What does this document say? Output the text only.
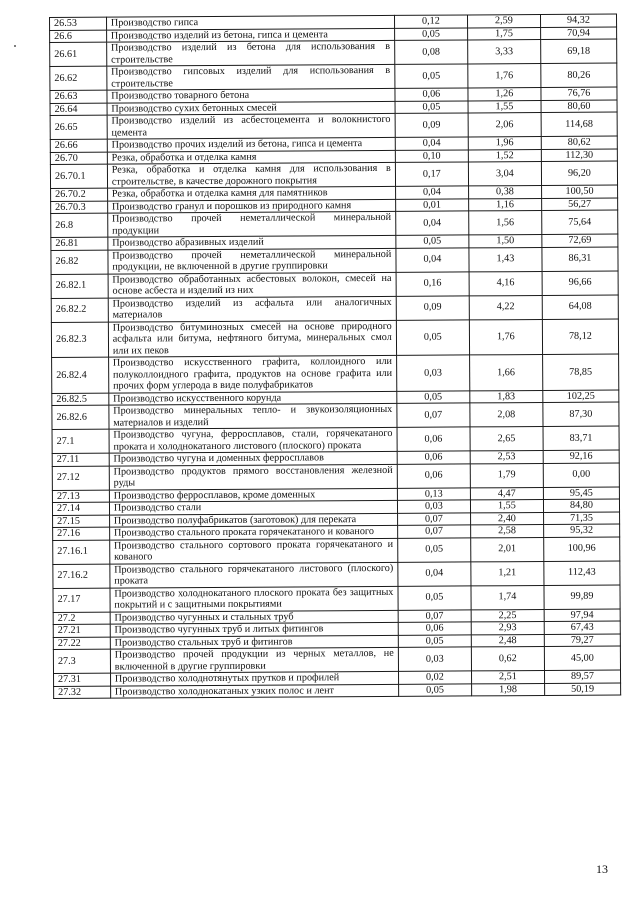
26.53	Производство гипса	0,12	2,59	94,32
26.6	Производство изделий из бетона, гипса и цемента	0,05	1,75	70,94
26.61	Производство изделий из бетона для использования в строительстве	0,08	3,33	69,18
26.62	Производство гипсовых изделий для использования в строительстве	0,05	1,76	80,26
26.63	Производство товарного бетона	0,06	1,26	76,76
26.64	Производство сухих бетонных смесей	0,05	1,55	80,60
26.65	Производство изделий из асбестоцемента и волокнистого цемента	0,09	2,06	114,68
26.66	Производство прочих изделий из бетона, гипса и цемента	0,04	1,96	80,62
26.70	Резка, обработка и отделка камня	0,10	1,52	112,30
26.70.1	Резка, обработка и отделка камня для использования в строительстве, в качестве дорожного покрытия	0,17	3,04	96,20
26.70.2	Резка, обработка и отделка камня для памятников	0,04	0,38	100,50
26.70.3	Производство гранул и порошков из природного камня	0,01	1,16	56,27
26.8	Производство прочей неметаллической минеральной продукции	0,04	1,56	75,64
26.81	Производство абразивных изделий	0,05	1,50	72,69
26.82	Производство прочей неметаллической минеральной продукции, не включенной в другие группировки	0,04	1,43	86,31
26.82.1	Производство обработанных асбестовых волокон, смесей на основе асбеста и изделий из них	0,16	4,16	96,66
26.82.2	Производство изделий из асфальта или аналогичных материалов	0,09	4,22	64,08
26.82.3	Производство битуминозных смесей на основе природного асфальта или битума, нефтяного битума, минеральных смол или их пеков	0,05	1,76	78,12
26.82.4	Производство искусственного графита, коллоидного или полуколлоидного графита, продуктов на основе графита или прочих форм углерода в виде полуфабрикатов	0,03	1,66	78,85
26.82.5	Производство искусственного корунда	0,05	1,83	102,25
26.82.6	Производство минеральных тепло- и звукоизоляционных материалов и изделий	0,07	2,08	87,30
27.1	Производство чугуна, ферросплавов, стали, горячекатаного проката и холоднокатаного листового (плоского) проката	0,06	2,65	83,71
27.11	Производство чугуна и доменных ферросплавов	0,06	2,53	92,16
27.12	Производство продуктов прямого восстановления железной руды	0,06	1,79	0,00
27.13	Производство ферросплавов, кроме доменных	0,13	4,47	95,45
27.14	Производство стали	0,03	1,55	84,80
27.15	Производство полуфабрикатов (заготовок) для переката	0,07	2,40	71,35
27.16	Производство стального проката горячекатаного и кованого	0,07	2,58	95,32
27.16.1	Производство стального сортового проката горячекатаного и кованого	0,05	2,01	100,96
27.16.2	Производство стального горячекатаного листового (плоского) проката	0,04	1,21	112,43
27.17	Производство холоднокатаного плоского проката без защитных покрытий и с защитными покрытиями	0,05	1,74	99,89
27.2	Производство чугунных и стальных труб	0,07	2,25	97,94
27.21	Производство чугунных труб и литых фитингов	0,06	2,93	67,43
27.22	Производство стальных труб и фитингов	0,05	2,48	79,27
27.3	Производство прочей продукции из черных металлов, не включенной в другие группировки	0,03	0,62	45,00
27.31	Производство холоднотянутых прутков и профилей	0,02	2,51	89,57
27.32	Производство холоднокатаных узких полос и лент	0,05	1,98	50,19
13
